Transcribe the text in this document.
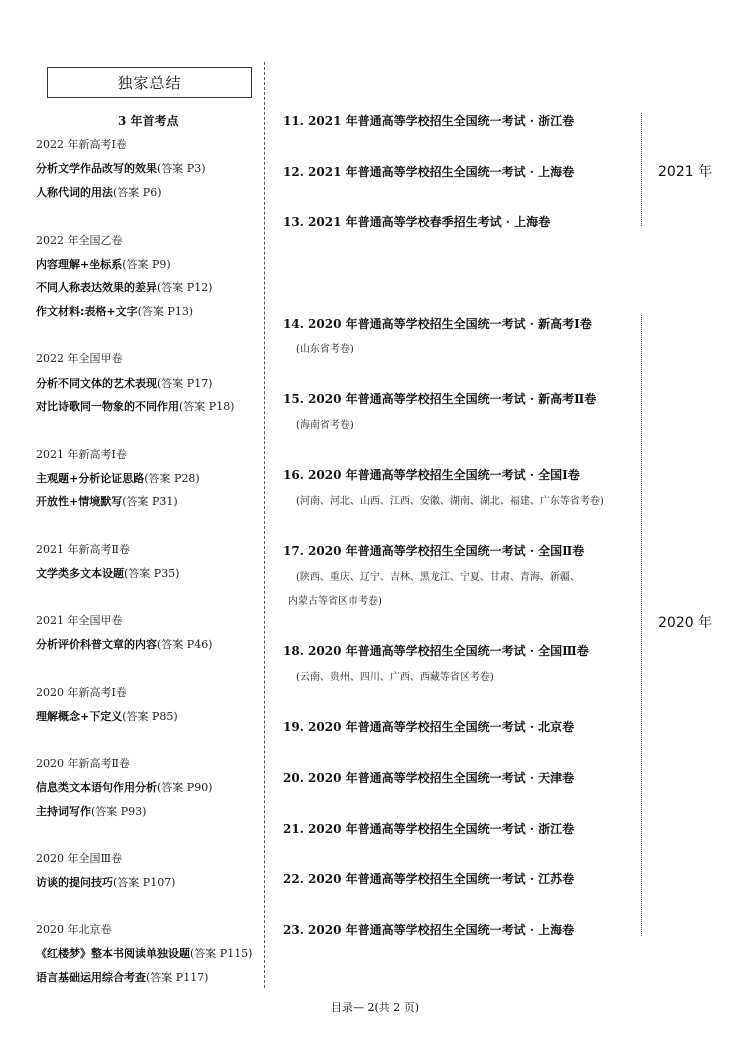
独家总结
3 年首考点
2022 年新高考Ⅰ卷
分析文学作品改写的效果(答案 P3)
人称代词的用法(答案 P6)
2022 年全国乙卷
内容理解+坐标系(答案 P9)
不同人称表达效果的差异(答案 P12)
作文材料:表格+文字(答案 P13)
2022 年全国甲卷
分析不同文体的艺术表现(答案 P17)
对比诗歌同一物象的不同作用(答案 P18)
2021 年新高考Ⅰ卷
主观题+分析论证思路(答案 P28)
开放性+情境默写(答案 P31)
2021 年新高考Ⅱ卷
文学类多文本设题(答案 P35)
2021 年全国甲卷
分析评价科普文章的内容(答案 P46)
2020 年新高考Ⅰ卷
理解概念+下定义(答案 P85)
2020 年新高考Ⅱ卷
信息类文本语句作用分析(答案 P90)
主持词写作(答案 P93)
2020 年全国Ⅲ卷
访谈的提问技巧(答案 P107)
2020 年北京卷
《红楼梦》整本书阅读单独设题(答案 P115)
语言基础运用综合考查(答案 P117)
11. 2021 年普通高等学校招生全国统一考试 · 浙江卷
12. 2021 年普通高等学校招生全国统一考试 · 上海卷
13. 2021 年普通高等学校春季招生考试 · 上海卷
14. 2020 年普通高等学校招生全国统一考试 · 新高考Ⅰ卷
(山东省考卷)
15. 2020 年普通高等学校招生全国统一考试 · 新高考Ⅱ卷
(海南省考卷)
16. 2020 年普通高等学校招生全国统一考试 · 全国Ⅰ卷
(河南、河北、山西、江西、安徽、湖南、湖北、福建、广东等省考卷)
17. 2020 年普通高等学校招生全国统一考试 · 全国Ⅱ卷
(陕西、重庆、辽宁、吉林、黑龙江、宁夏、甘肃、青海、新疆、
内蒙古等省区市考卷)
18. 2020 年普通高等学校招生全国统一考试 · 全国Ⅲ卷
(云南、贵州、四川、广西、西藏等省区考卷)
19. 2020 年普通高等学校招生全国统一考试 · 北京卷
20. 2020 年普通高等学校招生全国统一考试 · 天津卷
21. 2020 年普通高等学校招生全国统一考试 · 浙江卷
22. 2020 年普通高等学校招生全国统一考试 · 江苏卷
23. 2020 年普通高等学校招生全国统一考试 · 上海卷
2021 年
2020 年
目录— 2(共 2 页)
